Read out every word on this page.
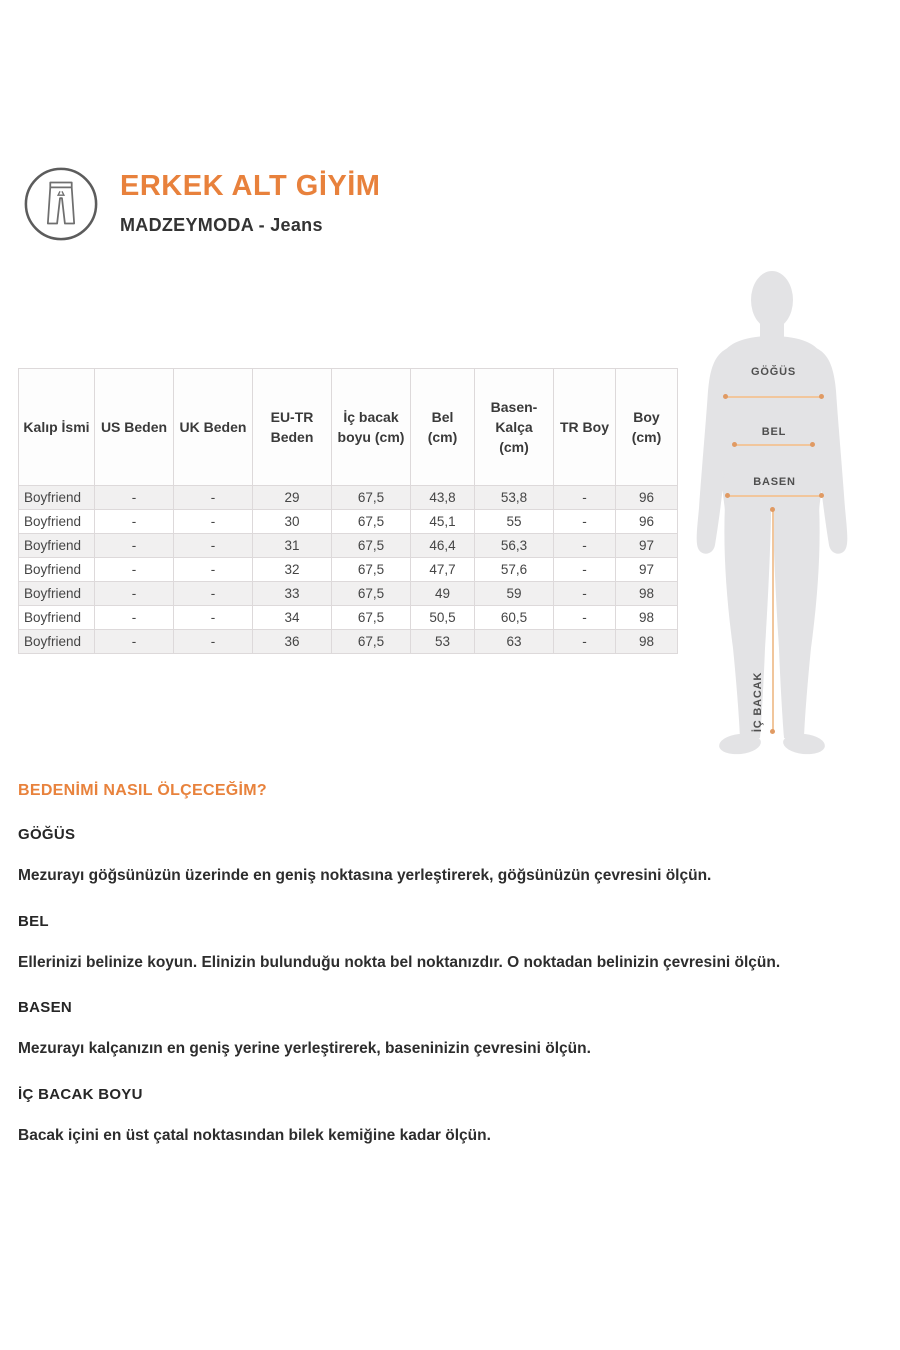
ERKEK ALT GİYİM
MADZEYMODA - Jeans
GÖĞÜS
BEL
BASEN
İÇ BACAK
Kalıp İsmi	US Beden	UK Beden	EU-TR Beden	İç bacak boyu (cm)	Bel (cm)	Basen-Kalça (cm)	TR Boy	Boy (cm)
Boyfriend	-	-	29	67,5	43,8	53,8	-	96
Boyfriend	-	-	30	67,5	45,1	55	-	96
Boyfriend	-	-	31	67,5	46,4	56,3	-	97
Boyfriend	-	-	32	67,5	47,7	57,6	-	97
Boyfriend	-	-	33	67,5	49	59	-	98
Boyfriend	-	-	34	67,5	50,5	60,5	-	98
Boyfriend	-	-	36	67,5	53	63	-	98
BEDENİMİ NASIL ÖLÇECEĞİM?
GÖĞÜS

Mezurayı göğsünüzün üzerinde en geniş noktasına yerleştirerek, göğsünüzün çevresini ölçün.

BEL

Ellerinizi belinize koyun. Elinizin bulunduğu nokta bel noktanızdır. O noktadan belinizin çevresini ölçün.

BASEN

Mezurayı kalçanızın en geniş yerine yerleştirerek, baseninizin çevresini ölçün.

İÇ BACAK BOYU

Bacak içini en üst çatal noktasından bilek kemiğine kadar ölçün.
